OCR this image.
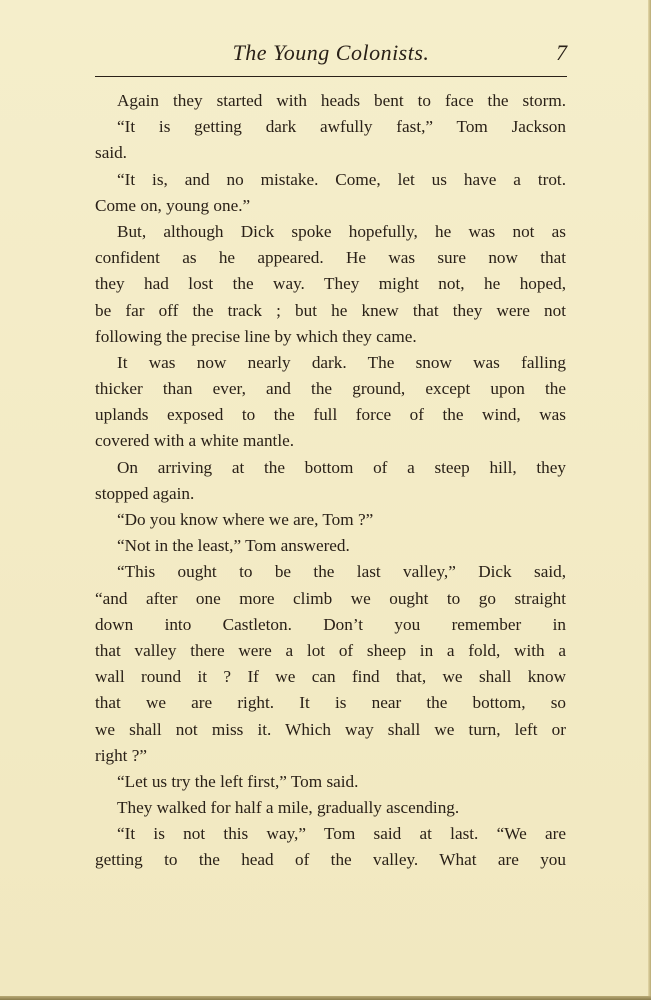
The Young Colonists.	7
Again they started with heads bent to face the storm.
“It is getting dark awfully fast,” Tom Jackson
said.
“It is, and no mistake. Come, let us have a trot.
Come on, young one.”
But, although Dick spoke hopefully, he was not as
confident as he appeared. He was sure now that
they had lost the way. They might not, he hoped,
be far off the track ; but he knew that they were not
following the precise line by which they came.
It was now nearly dark. The snow was falling
thicker than ever, and the ground, except upon the
uplands exposed to the full force of the wind, was
covered with a white mantle.
On arriving at the bottom of a steep hill, they
stopped again.
“Do you know where we are, Tom ?”
“Not in the least,” Tom answered.
“This ought to be the last valley,” Dick said,
“and after one more climb we ought to go straight
down into Castleton. Don’t you remember in
that valley there were a lot of sheep in a fold, with a
wall round it ? If we can find that, we shall know
that we are right. It is near the bottom, so
we shall not miss it. Which way shall we turn, left or
right ?”
“Let us try the left first,” Tom said.
They walked for half a mile, gradually ascending.
“It is not this way,” Tom said at last. “We are
getting to the head of the valley. What are you
